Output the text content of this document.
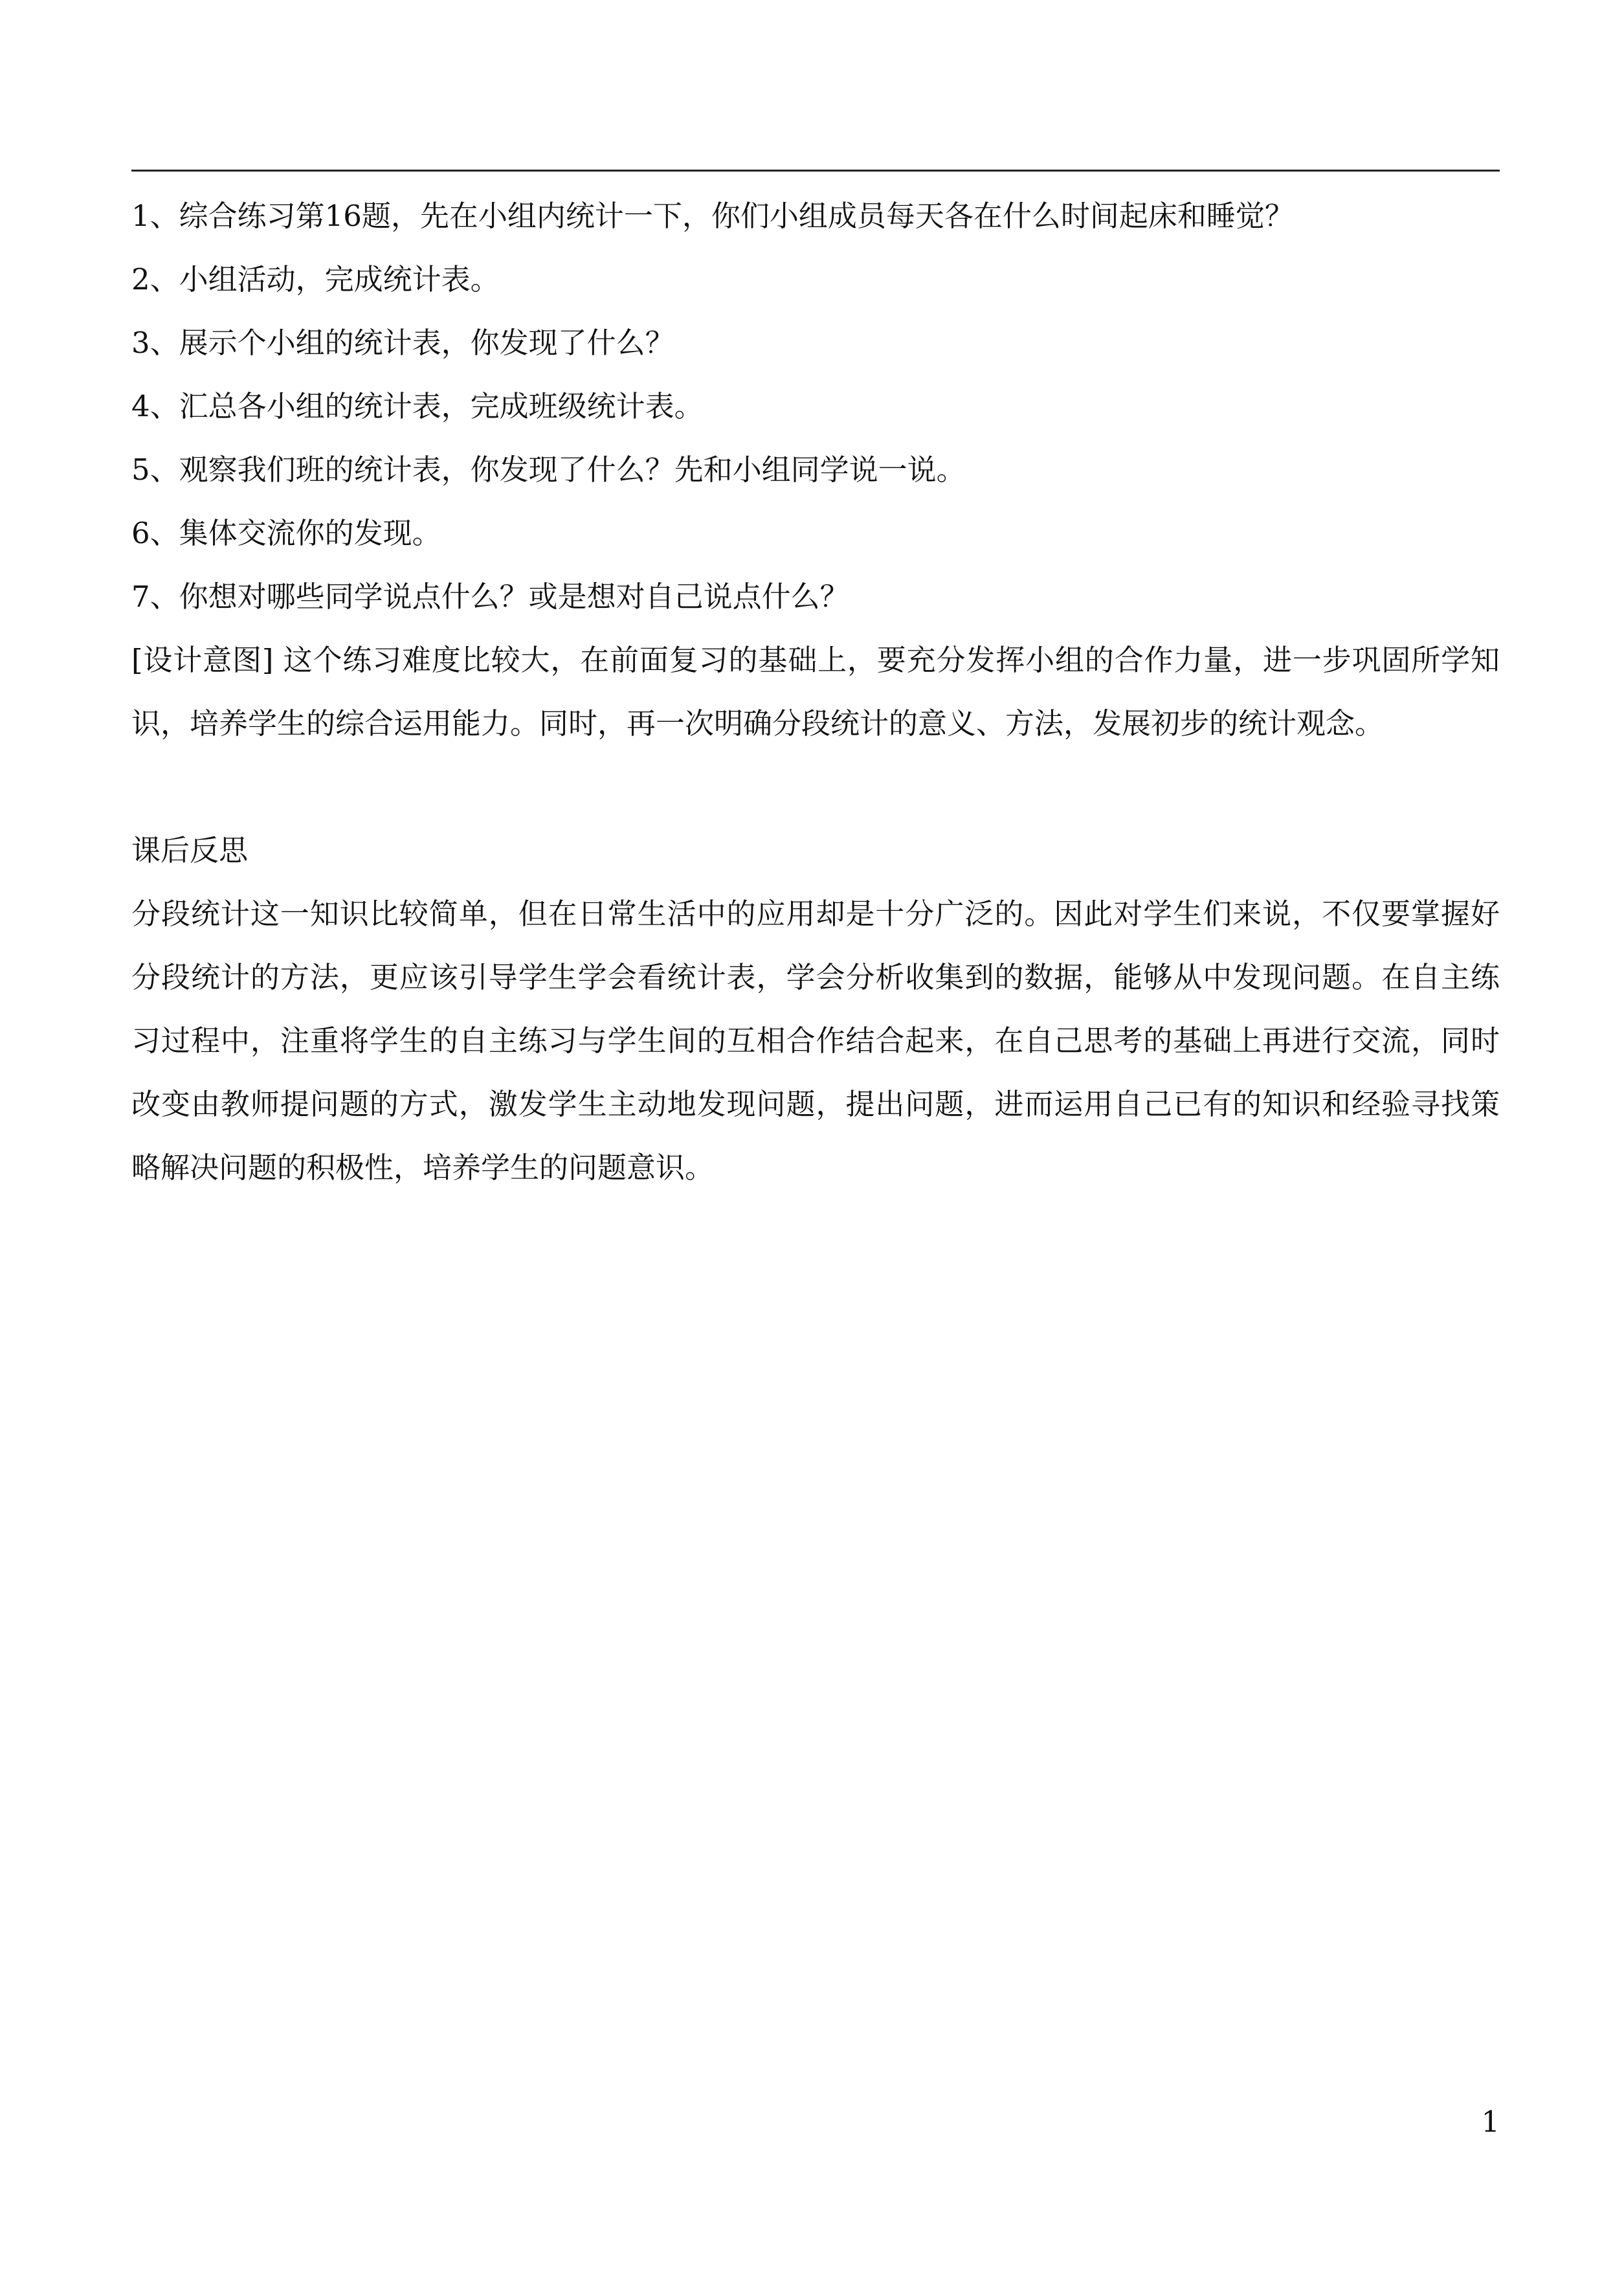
1、综合练习第16题，先在小组内统计一下，你们小组成员每天各在什么时间起床和睡觉？

2、小组活动，完成统计表。

3、展示个小组的统计表，你发现了什么？

4、汇总各小组的统计表，完成班级统计表。

5、观察我们班的统计表，你发现了什么？先和小组同学说一说。

6、集体交流你的发现。

7、你想对哪些同学说点什么？或是想对自己说点什么？

[设计意图] 这个练习难度比较大，在前面复习的基础上，要充分发挥小组的合作力量，进一步巩固所学知识，培养学生的综合运用能力。同时，再一次明确分段统计的意义、方法，发展初步的统计观念。

课后反思

分段统计这一知识比较简单，但在日常生活中的应用却是十分广泛的。因此对学生们来说，不仅要掌握好分段统计的方法，更应该引导学生学会看统计表，学会分析收集到的数据，能够从中发现问题。在自主练习过程中，注重将学生的自主练习与学生间的互相合作结合起来，在自己思考的基础上再进行交流，同时改变由教师提问题的方式，激发学生主动地发现问题，提出问题，进而运用自己已有的知识和经验寻找策略解决问题的积极性，培养学生的问题意识。

1
